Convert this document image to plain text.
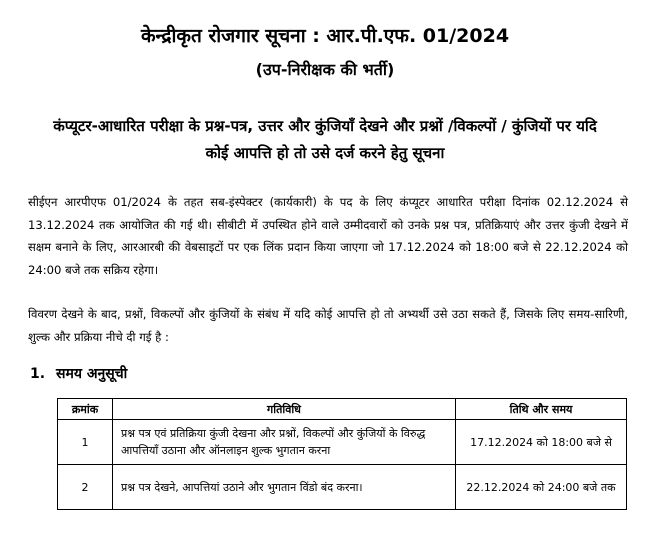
केन्द्रीकृत रोजगार सूचना : आर.पी.एफ. 01/2024
(उप-निरीक्षक की भर्ती)
कंप्यूटर-आधारित परीक्षा के प्रश्न-पत्र, उत्तर और कुंजियाँ देखने और प्रश्नों /विकल्पों / कुंजियों पर यदि
कोई आपत्ति हो तो उसे दर्ज करने हेतु सूचना
सीईएन आरपीएफ 01/2024 के तहत सब-इंस्पेक्टर (कार्यकारी) के पद के लिए कंप्यूटर आधारित परीक्षा दिनांक 02.12.2024 से 13.12.2024 तक आयोजित की गई थी। सीबीटी में उपस्थित होने वाले उम्मीदवारों को उनके प्रश्न पत्र, प्रतिक्रियाएं और उत्तर कुंजी देखने में सक्षम बनाने के लिए, आरआरबी की वेबसाइटों पर एक लिंक प्रदान किया जाएगा जो 17.12.2024 को 18:00 बजे से 22.12.2024 को 24:00 बजे तक सक्रिय रहेगा।
विवरण देखने के बाद, प्रश्नों, विकल्पों और कुंजियों के संबंध में यदि कोई आपत्ति हो तो अभ्यर्थी उसे उठा सकते हैं, जिसके लिए समय-सारिणी, शुल्क और प्रक्रिया नीचे दी गई है :
1. समय अनुसूची
क्रमांक	गतिविधि	तिथि और समय
1	प्रश्न पत्र एवं प्रतिक्रिया कुंजी देखना और प्रश्नों, विकल्पों और कुंजियों के विरुद्ध आपत्तियाँ उठाना और ऑनलाइन शुल्क भुगतान करना	17.12.2024 को 18:00 बजे से
2	प्रश्न पत्र देखने, आपत्तियां उठाने और भुगतान विंडो बंद करना।	22.12.2024 को 24:00 बजे तक
